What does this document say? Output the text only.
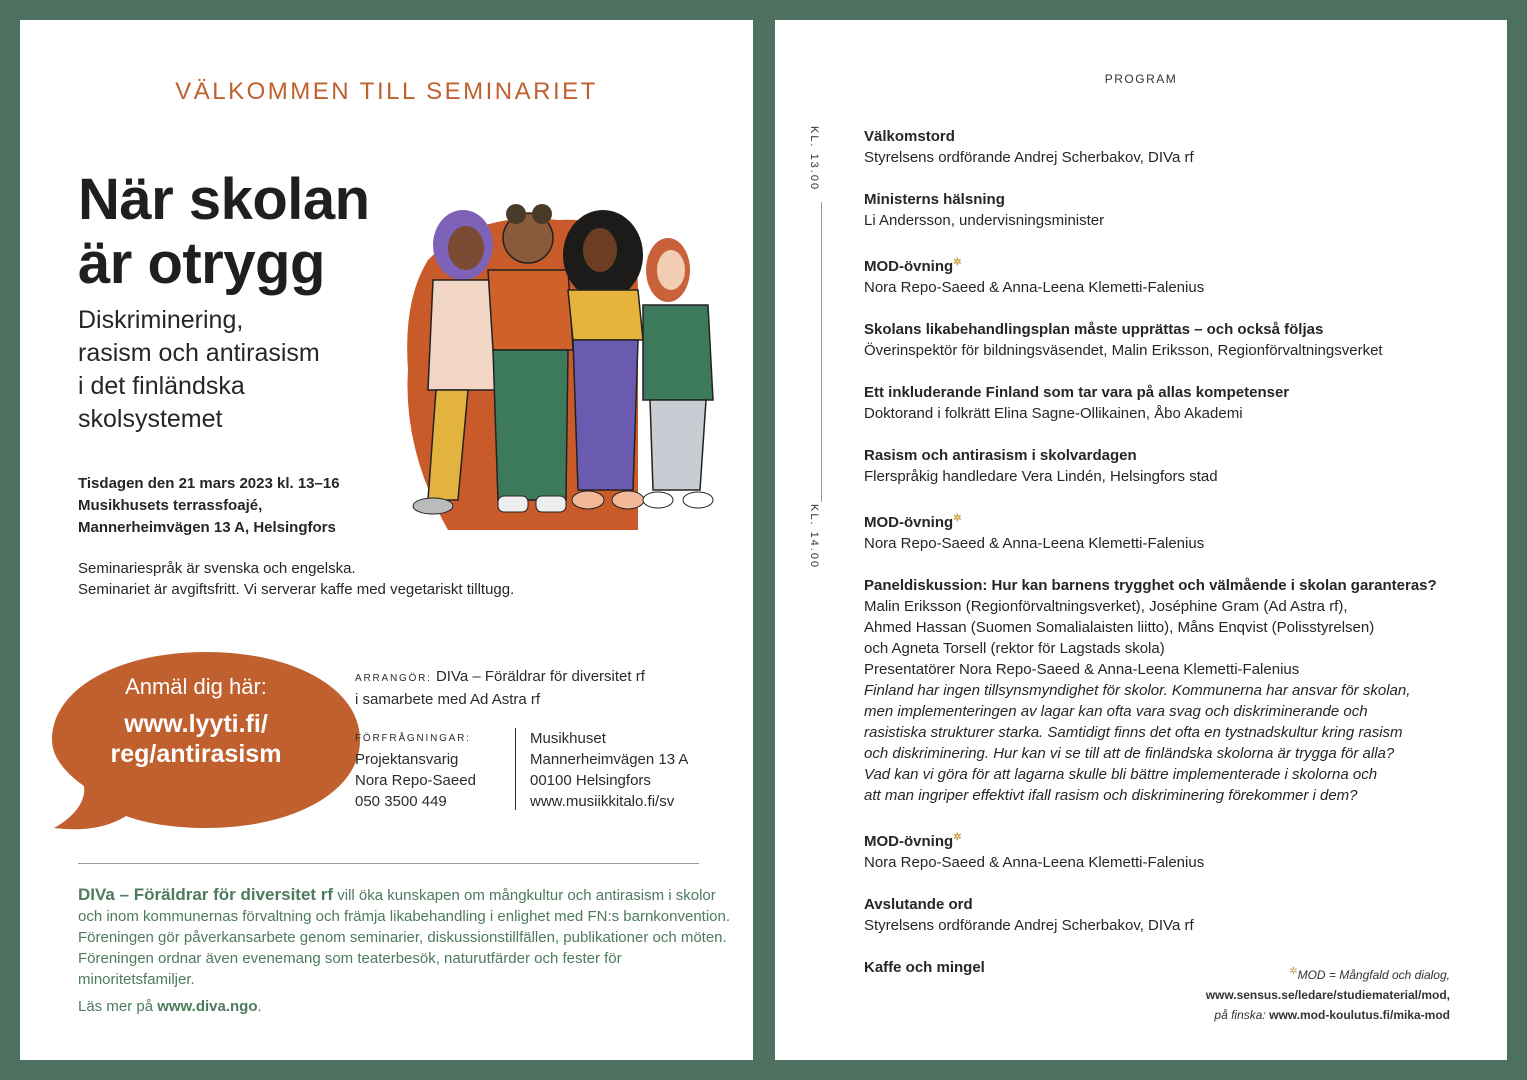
VÄLKOMMEN TILL SEMINARIET
När skolan
är otrygg
Diskriminering,
rasism och antirasism
i det finländska
skolsystemet
Tisdagen den 21 mars 2023 kl. 13–16
Musikhusets terrassfoajé,
Mannerheimvägen 13 A, Helsingfors
Seminariespråk är svenska och engelska.
Seminariet är avgiftsfritt. Vi serverar kaffe med vegetariskt tilltugg.
Anmäl dig här:
www.lyyti.fi/
reg/antirasism
ARRANGÖR: DIVa – Föräldrar för diversitet rf
i samarbete med Ad Astra rf
FÖRFRÅGNINGAR:
Projektansvarig
Nora Repo-Saeed
050 3500 449
Musikhuset
Mannerheimvägen 13 A
00100 Helsingfors
www.musiikkitalo.fi/sv
DIVa – Föräldrar för diversitet rf vill öka kunskapen om mångkultur och antirasism i skolor och inom kommunernas förvaltning och främja likabehandling i enlighet med FN:s barnkonvention. Föreningen gör påverkansarbete genom seminarier, diskussionstillfällen, publikationer och möten. Föreningen ordnar även evenemang som teaterbesök, naturutfärder och fester för minoritetsfamiljer.
Läs mer på www.diva.ngo.
PROGRAM
KL. 13.00
KL. 14.00
Välkomstord
Styrelsens ordförande Andrej Scherbakov, DIVa rf
Ministerns hälsning
Li Andersson, undervisningsminister
MOD-övning✲
Nora Repo-Saeed & Anna-Leena Klemetti-Falenius
Skolans likabehandlingsplan måste upprättas – och också följas
Överinspektör för bildningsväsendet, Malin Eriksson, Regionförvaltningsverket
Ett inkluderande Finland som tar vara på allas kompetenser
Doktorand i folkrätt Elina Sagne-Ollikainen, Åbo Akademi
Rasism och antirasism i skolvardagen
Flerspråkig handledare Vera Lindén, Helsingfors stad
MOD-övning✲
Nora Repo-Saeed & Anna-Leena Klemetti-Falenius
Paneldiskussion: Hur kan barnens trygghet och välmående i skolan garanteras?
Malin Eriksson (Regionförvaltningsverket), Joséphine Gram (Ad Astra rf),
Ahmed Hassan (Suomen Somalialaisten liitto), Måns Enqvist (Polisstyrelsen)
och Agneta Torsell (rektor för Lagstads skola)
Presentatörer Nora Repo-Saeed & Anna-Leena Klemetti-Falenius
Finland har ingen tillsynsmyndighet för skolor. Kommunerna har ansvar för skolan,
men implementeringen av lagar kan ofta vara svag och diskriminerande och
rasistiska strukturer starka. Samtidigt finns det ofta en tystnadskultur kring rasism
och diskriminering. Hur kan vi se till att de finländska skolorna är trygga för alla?
Vad kan vi göra för att lagarna skulle bli bättre implementerade i skolorna och
att man ingriper effektivt ifall rasism och diskriminering förekommer i dem?
MOD-övning✲
Nora Repo-Saeed & Anna-Leena Klemetti-Falenius
Avslutande ord
Styrelsens ordförande Andrej Scherbakov, DIVa rf
Kaffe och mingel	✲MOD = Mångfald och dialog,
www.sensus.se/ledare/studiematerial/mod,
på finska: www.mod-koulutus.fi/mika-mod
